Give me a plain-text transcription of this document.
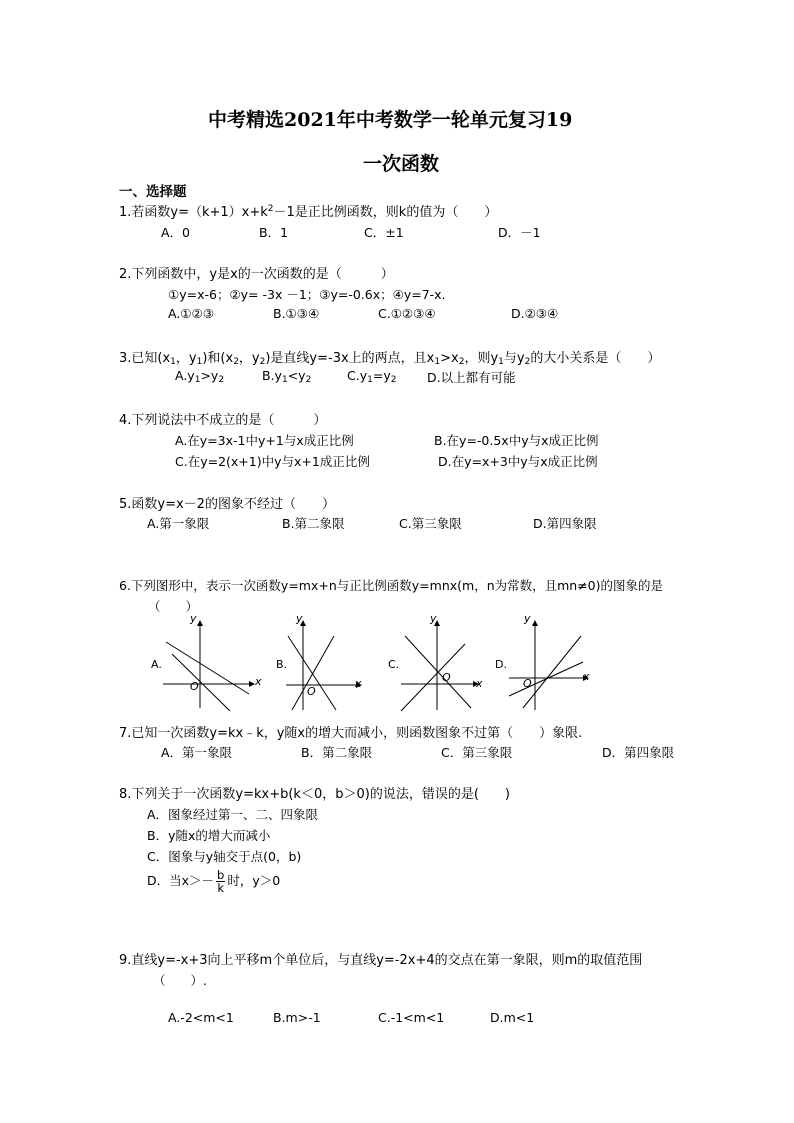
中考精选2021年中考数学一轮单元复习19
一次函数
一、选择题
1.若函数$y=(k+1)x+k^2-1$是正比例函数，则k的值为（　　）
A．0	B．1	C．±1	D．－1
2.下列函数中，y是x的一次函数的是（　　　）
①y=x-6；②y= -3x －1；③y=-0.6x；④y=7-x.
A.①②③	B.①③④	C.①②③④	D.②③④
3.已知($x_1$，$y_1$)和($x_2$，$y_2$)是直线y=-3x上的两点，且$x_1>x_2$，则$y_1$与$y_2$的大小关系是（　　）
$A.y_1>y_2$	$B.y_1<y_2$	$C.y_1=y_2$ D.以上都有可能
4.下列说法中不成立的是（　　　）
A.在y=3x-1中y+1与x成正比例	B.在y=-0.5x中y与x成正比例
C.在y=2(x+1)中y与x+1成正比例	D.在y=x+3中y与x成正比例
5.函数y=x－2的图象不经过（　　）
A.第一象限	B.第二象限	C.第三象限	D.第四象限
6.下列图形中，表示一次函数y=mx+n与正比例函数y=mnx(m，n为常数，且mn≠0)的图象的是
（　　）
A.
y
x
O
B.
y
x
O
C.
y
x
O
D.
y
x
O
7.已知一次函数y=kx﹣k，y随x的增大而减小，则函数图象不过第（　　）象限.
A．第一象限	B．第二象限	C．第三象限	D．第四象限
8.下列关于一次函数y=kx+b(k＜0，b＞0)的说法，错误的是(　　)
A．图象经过第一、二、四象限
B．y随x的增大而减小
C．图象与y轴交于点(0，b)
D．当$x>- \frac{b}{k}$ 时，y＞0
9.直线y=-x+3向上平移m个单位后，与直线y=-2x+4的交点在第一象限，则m的取值范围
（　　）.
A.-2<m<1	B.m>-1	C.-1<m<1	D.m<1
